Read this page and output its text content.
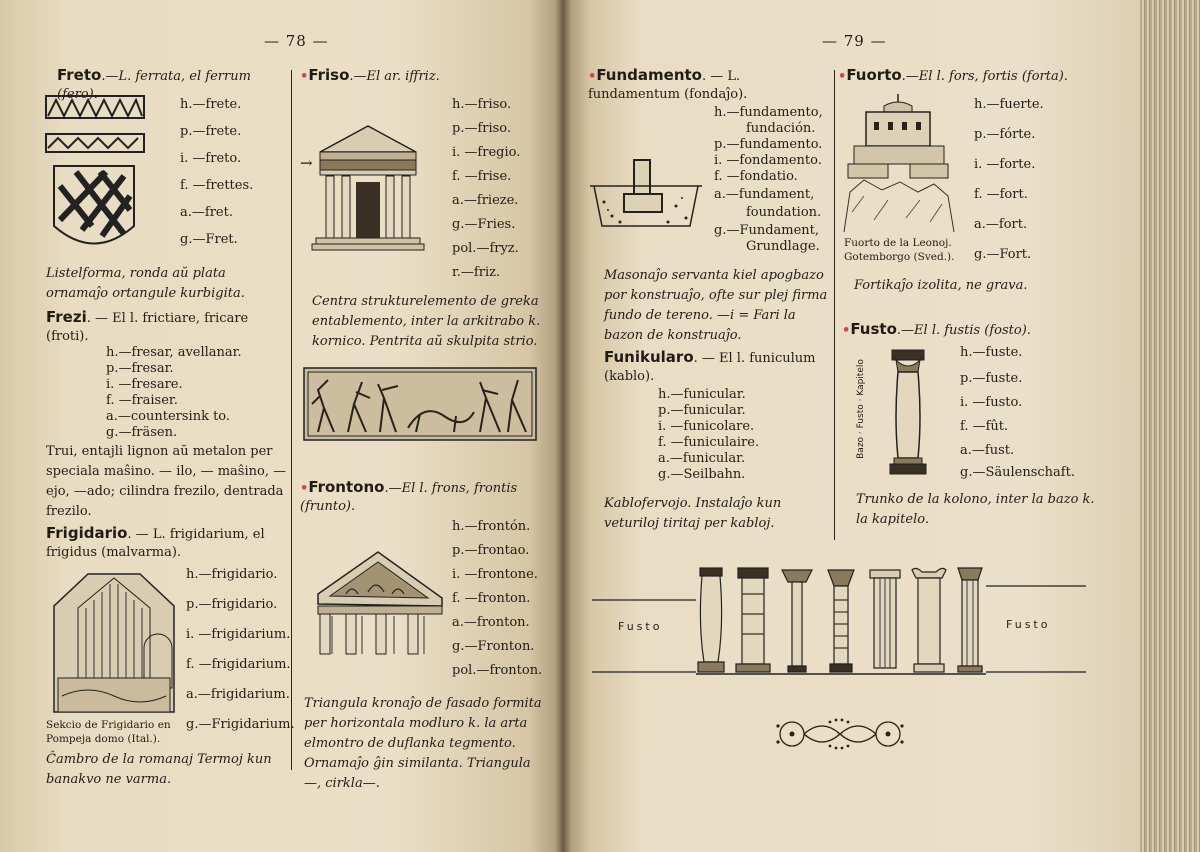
— 78 —
Freto.—L. ferrata, el ferrum (fero).
h.—frete.
p.—frete.
i. —freto.
f. —frettes.
a.—fret.
g.—Fret.
Listelforma, ronda aŭ plata ornamaĵo ortangule kurbigita.
Frezi. — El l. frictiare, fricare (froti).
h.—fresar, avellanar.
p.—fresar.
i. —fresare.
f. —fraiser.
a.—countersink to.
g.—fräsen.
Trui, entajli lignon aŭ metalon per speciala maŝino. — ilo, — maŝino, —ejo, —ado; cilindra frezilo, dentrada frezilo.
Frigidario. — L. frigidarium, el frigidus (malvarma).
h.—frigidario.
p.—frigidario.
i. —frigidarium.
f. —frigidarium.
a.—frigidarium.
g.—Frigidarium.
Sekcio de Frigidario en Pompeja domo (Ital.).
Ĉambro de la romanaj Termoj kun banakvo ne varma.
•Friso.—El ar. iffriz.
→
h.—friso.
p.—friso.
i. —fregio.
f. —frise.
a.—frieze.
g.—Fries.
pol.—fryz.
r.—friz.
Centra strukturelemento de greka entablemento, inter la arkitrabo k. kornico. Pentrita aŭ skulpita strio.
•Frontono.—El l. frons, frontis (frunto).
h.—frontón.
p.—frontao.
i. —frontone.
f. —fronton.
a.—fronton.
g.—Fronton.
pol.—fronton.
Triangula kronaĵo de fasado formita per horizontala modluro k. la arta elmontro de duflanka tegmento. Ornamaĵo ĝin similanta. Triangula—, cirkla—.
— 79 —
•Fundamento. — L. fundamentum (fondaĵo).
h.—fundamento,
fundación.
p.—fundamento.
i. —fondamento.
f. —fondatio.
a.—fundament,
foundation.
g.—Fundament,
Grundlage.
Masonaĵo servanta kiel apogbazo por konstruaĵo, ofte sur plej firma fundo de tereno. —i = Fari la bazon de konstruaĵo.
Funikularo. — El l. funiculum (kablo).
h.—funicular.
p.—funicular.
i. —funicolare.
f. —funiculaire.
a.—funicular.
g.—Seilbahn.
Kablofervojo. Instalaĵo kun veturiloj tiritaj per kabloj.
•Fuorto.—El l. fors, fortis (forta).
h.—fuerte.
p.—fórte.
i. —forte.
f. —fort.
a.—fort.
g.—Fort.
Fuorto de la Leonoj. Gotemborgo (Sved.).
Fortikaĵo izolita, ne grava.
•Fusto.—El l. fustis (fosto).
Bazo · Fusto · Kapitelo
h.—fuste.
p.—fuste.
i. —fusto.
f. —fût.
a.—fust.
g.—Säulenschaft.
Trunko de la kolono, inter la bazo k. la kapitelo.
Fusto	Fusto
